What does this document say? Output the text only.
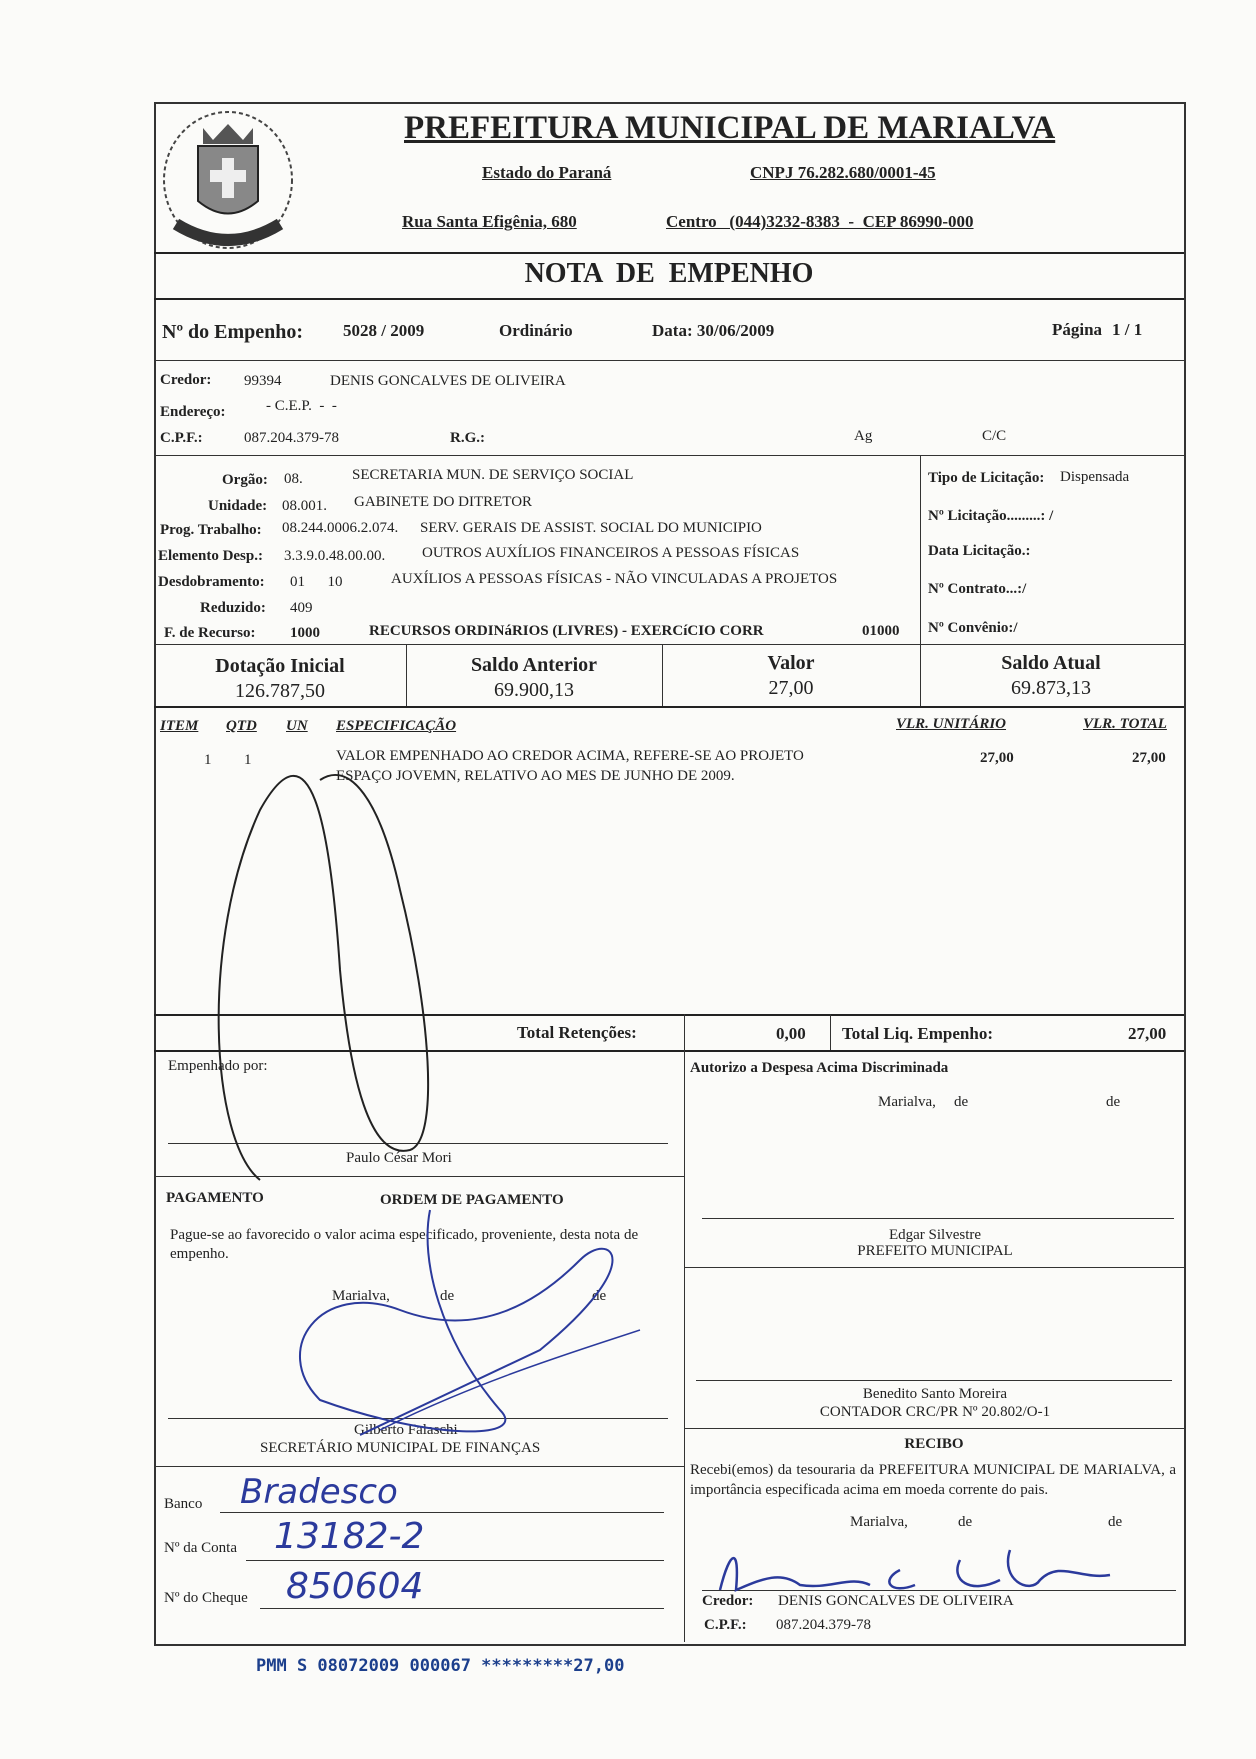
PREFEITURA MUNICIPAL DE MARIALVA
Estado do Paraná	CNPJ 76.282.680/0001-45
Rua Santa Efigênia, 680	Centro   (044)3232-8383  -  CEP 86990-000
NOTA  DE  EMPENHO
Nº do Empenho: 5028 / 2009	Ordinário	Data: 30/06/2009	Página 1 / 1
Credor: 99394	DENIS GONCALVES DE OLIVEIRA
Endereço:	- C.E.P.  -  -
C.P.F.:	087.204.379-78	R.G.:	Ag	C/C
Orgão: 08.	SECRETARIA MUN. DE SERVIÇO SOCIAL
Unidade: 08.001. GABINETE DO DITRETOR
Prog. Trabalho: 08.244.0006.2.074. SERV. GERAIS DE ASSIST. SOCIAL DO MUNICIPIO
Elemento Desp.: 3.3.9.0.48.00.00. OUTROS AUXÍLIOS FINANCEIROS A PESSOAS FÍSICAS
Desdobramento: 01      10	AUXÍLIOS A PESSOAS FÍSICAS - NÃO VINCULADAS A PROJETOS
Reduzido: 409
F. de Recurso: 1000	RECURSOS ORDINáRIOS (LIVRES) - EXERCíCIO CORR	01000
Tipo de Licitação: Dispensada
Nº Licitação.........: /
Data Licitação.:
Nº Contrato...:/
Nº Convênio:/
Dotação Inicial
126.787,50
Saldo Anterior
69.900,13
Valor
27,00
Saldo Atual
69.873,13
ITEM QTD UN ESPECIFICAÇÃO	VLR. UNITÁRIO	VLR. TOTAL
1 1	VALOR EMPENHADO AO CREDOR ACIMA, REFERE-SE AO PROJETO
ESPAÇO JOVEMN, RELATIVO AO MES DE JUNHO DE 2009.
27,00	27,00
Total Retenções:	0,00 Total Liq. Empenho:	27,00
Empenhado por:
Paulo César Mori
Autorizo a Despesa Acima Discriminada
Marialva, de	de
Edgar Silvestre
PREFEITO MUNICIPAL
PAGAMENTO	ORDEM DE PAGAMENTO
Pague-se ao favorecido o valor acima especificado, proveniente, desta nota de empenho.
Marialva,	de	de
Gilberto Falaschi
SECRETÁRIO MUNICIPAL DE FINANÇAS
Benedito Santo Moreira
CONTADOR CRC/PR Nº 20.802/O-1
RECIBO
Recebi(emos) da tesouraria da PREFEITURA MUNICIPAL DE MARIALVA, a importância especificada acima em moeda corrente do pais.
Marialva,	de	de
Credor: DENIS GONCALVES DE OLIVEIRA
C.P.F.: 087.204.379-78
Banco Bradesco
Nº da Conta 13182-2
Nº do Cheque 850604
PMM S 08072009 000067 *********27,00
